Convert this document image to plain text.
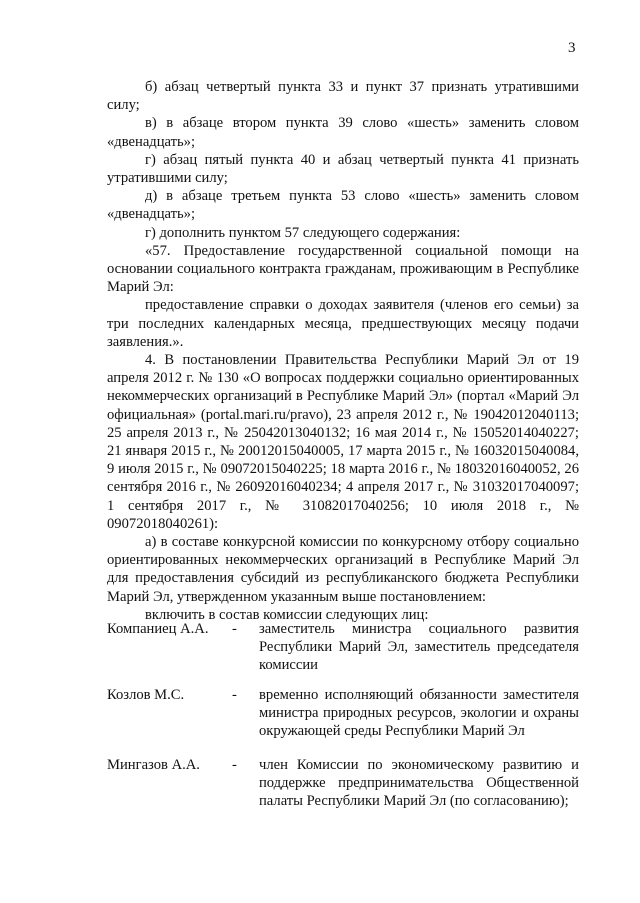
3

б) абзац четвертый пункта 33 и пункт 37 признать утратившими силу;

в) в абзаце втором пункта 39 слово «шесть» заменить словом «двенадцать»;

г) абзац пятый пункта 40 и абзац четвертый пункта 41 признать утратившими силу;

д) в абзаце третьем пункта 53 слово «шесть» заменить словом «двенадцать»;

г) дополнить пунктом 57 следующего содержания:

«57. Предоставление государственной социальной помощи на основании социального контракта гражданам, проживающим в Республике Марий Эл:

предоставление справки о доходах заявителя (членов его семьи) за три последних календарных месяца, предшествующих месяцу подачи заявления.».

4. В постановлении Правительства Республики Марий Эл от 19 апреля 2012 г. № 130 «О вопросах поддержки социально ориентированных некоммерческих организаций в Республике Марий Эл» (портал «Марий Эл официальная» (portal.mari.ru/pravo), 23 апреля 2012 г., № 19042012040113; 25 апреля 2013 г., № 25042013040132; 16 мая 2014 г., № 15052014040227; 21 января 2015 г., № 20012015040005, 17 марта 2015 г., № 16032015040084, 9 июля 2015 г., № 09072015040225; 18 марта 2016 г., № 18032016040052, 26 сентября 2016 г., № 26092016040234; 4 апреля 2017 г., № 31032017040097; 1 сентября 2017 г., № 31082017040256; 10 июля 2018 г., № 09072018040261):

а) в составе конкурсной комиссии по конкурсному отбору социально ориентированных некоммерческих организаций в Республике Марий Эл для предоставления субсидий из республиканского бюджета Республики Марий Эл, утвержденном указанным выше постановлением:

включить в состав комиссии следующих лиц:

Компаниец А.А. - заместитель министра социального развития Республики Марий Эл, заместитель председателя комиссии
Козлов М.С.	- временно исполняющий обязанности заместителя министра природных ресурсов, экологии и охраны окружающей среды Республики Марий Эл
Мингазов А.А. - член Комиссии по экономическому развитию и поддержке предпринимательства Общественной палаты Республики Марий Эл (по согласованию);
